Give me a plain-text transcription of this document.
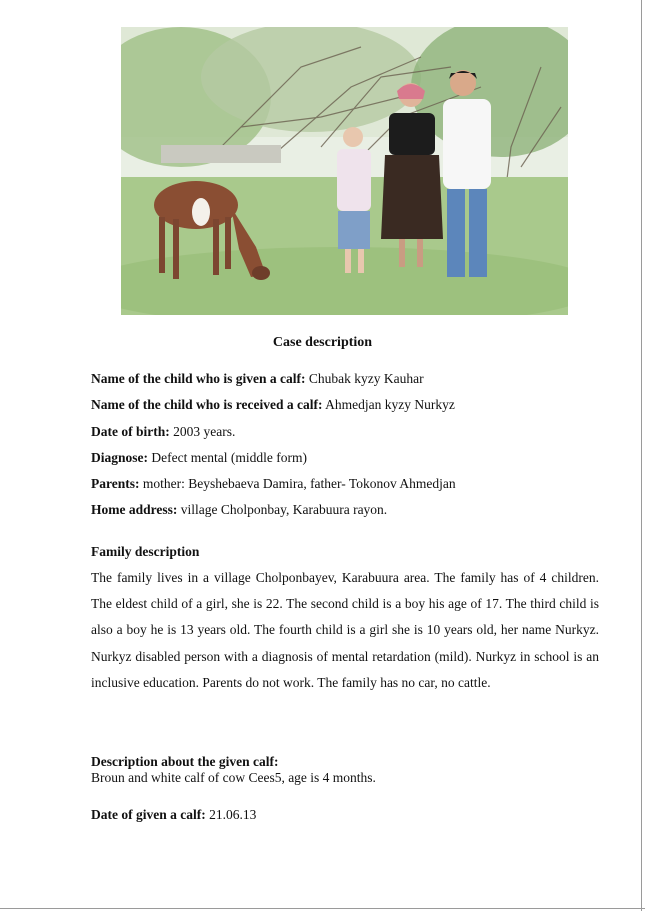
Case description
Name of the child who is given a calf: Chubak kyzy Kauhar
Name of the child who is received a calf: Ahmedjan kyzy Nurkyz
Date of birth: 2003 years.
Diagnose: Defect mental (middle form)
Parents: mother: Beyshebaeva Damira, father- Tokonov Ahmedjan
Home address: village Cholponbay, Karabuura rayon.
Family description
The family lives in a village Cholponbayev, Karabuura area. The family has of 4 children. The eldest child of a girl, she is 22. The second child is a boy his age of 17. The third child is also a boy he is 13 years old. The fourth child is a girl she is 10 years old, her name Nurkyz. Nurkyz disabled person with a diagnosis of mental retardation (mild). Nurkyz in school is an inclusive education. Parents do not work. The family has no car, no cattle.
Description about the given calf:
Broun and white calf of cow Cees5, age is 4 months.
Date of given a calf: 21.06.13
